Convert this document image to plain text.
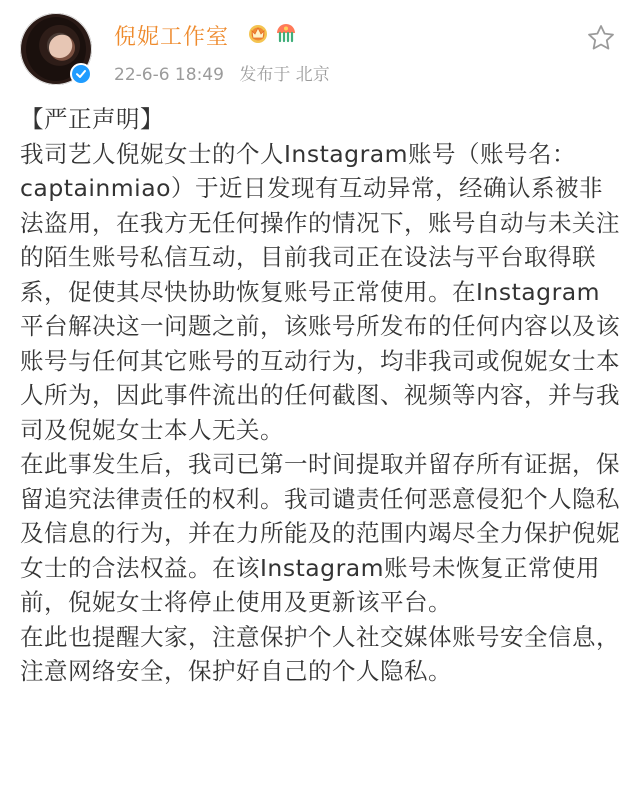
倪妮工作室
22-6-6 18:49 发布于 北京

【严正声明】

我司艺人倪妮女士的个人Instagram账号（账号名：captainmiao）于近日发现有互动异常，经确认系被非法盗用，在我方无任何操作的情况下，账号自动与未关注的陌生账号私信互动，目前我司正在设法与平台取得联系，促使其尽快协助恢复账号正常使用。在Instagram平台解决这一问题之前，该账号所发布的任何内容以及该账号与任何其它账号的互动行为，均非我司或倪妮女士本人所为，因此事件流出的任何截图、视频等内容，并与我司及倪妮女士本人无关。

在此事发生后，我司已第一时间提取并留存所有证据，保留追究法律责任的权利。我司谴责任何恶意侵犯个人隐私及信息的行为，并在力所能及的范围内竭尽全力保护倪妮女士的合法权益。在该Instagram账号未恢复正常使用前，倪妮女士将停止使用及更新该平台。

在此也提醒大家，注意保护个人社交媒体账号安全信息，注意网络安全，保护好自己的个人隐私。
